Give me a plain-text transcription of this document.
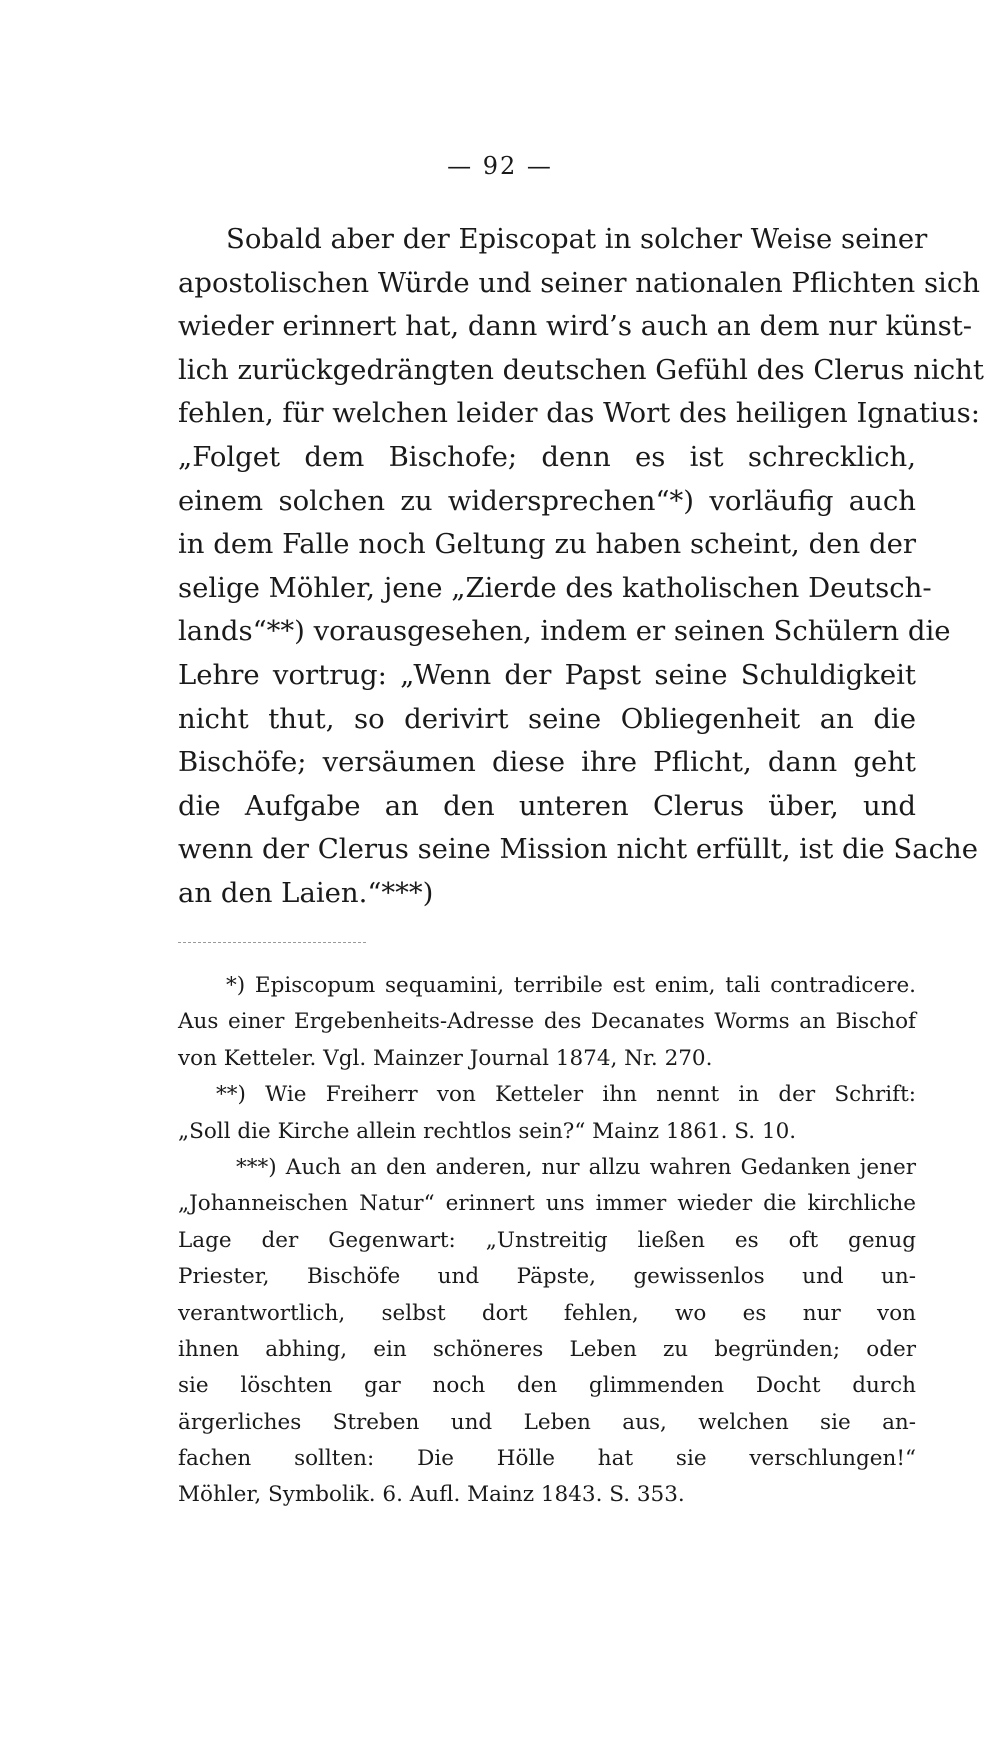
— 92 —
Sobald aber der Episcopat in solcher Weise seiner
apostolischen Würde und seiner nationalen Pflichten sich
wieder erinnert hat, dann wird’s auch an dem nur künst-
lich zurückgedrängten deutschen Gefühl des Clerus nicht
fehlen, für welchen leider das Wort des heiligen Ignatius:
„Folget dem Bischofe; denn es ist schrecklich,
einem solchen zu widersprechen“*) vorläufig auch
in dem Falle noch Geltung zu haben scheint, den der
selige Möhler, jene „Zierde des katholischen Deutsch-
lands“**) vorausgesehen, indem er seinen Schülern die
Lehre vortrug: „Wenn der Papst seine Schuldigkeit
nicht thut, so derivirt seine Obliegenheit an die
Bischöfe; versäumen diese ihre Pflicht, dann geht
die Aufgabe an den unteren Clerus über, und
wenn der Clerus seine Mission nicht erfüllt, ist die Sache
an den Laien.“***)
*) Episcopum sequamini, terribile est enim, tali contradicere.
Aus einer Ergebenheits-Adresse des Decanates Worms an Bischof
von Ketteler. Vgl. Mainzer Journal 1874, Nr. 270.
**) Wie Freiherr von Ketteler ihn nennt in der Schrift:
„Soll die Kirche allein rechtlos sein?“ Mainz 1861. S. 10.
***) Auch an den anderen, nur allzu wahren Gedanken jener
„Johanneischen Natur“ erinnert uns immer wieder die kirchliche
Lage der Gegenwart: „Unstreitig ließen es oft genug
Priester, Bischöfe und Päpste, gewissenlos und un-
verantwortlich, selbst dort fehlen, wo es nur von
ihnen abhing, ein schöneres Leben zu begründen; oder
sie löschten gar noch den glimmenden Docht durch
ärgerliches Streben und Leben aus, welchen sie an-
fachen sollten: Die Hölle hat sie verschlungen!“
Möhler, Symbolik. 6. Aufl. Mainz 1843. S. 353.
